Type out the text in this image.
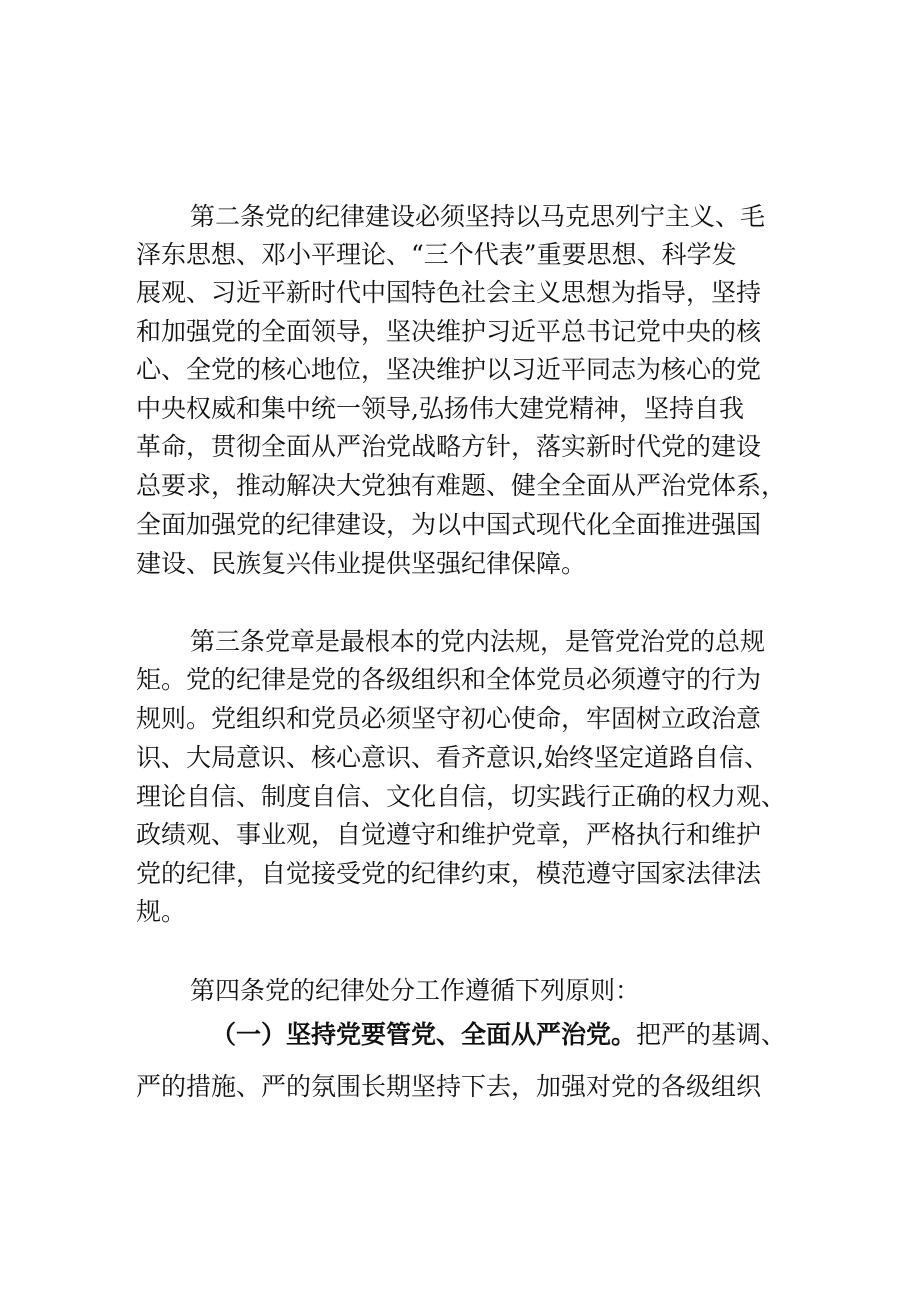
第二条党的纪律建设必须坚持以马克思列宁主义、毛
泽东思想、邓小平理论、“三个代表”重要思想、科学发
展观、习近平新时代中国特色社会主义思想为指导，坚持
和加强党的全面领导，坚决维护习近平总书记党中央的核
心、全党的核心地位，坚决维护以习近平同志为核心的党
中央权威和集中统一领导,弘扬伟大建党精神，坚持自我
革命，贯彻全面从严治党战略方针，落实新时代党的建设
总要求，推动解决大党独有难题、健全全面从严治党体系，
全面加强党的纪律建设，为以中国式现代化全面推进强国
建设、民族复兴伟业提供坚强纪律保障。
第三条党章是最根本的党内法规，是管党治党的总规
矩。党的纪律是党的各级组织和全体党员必须遵守的行为
规则。党组织和党员必须坚守初心使命，牢固树立政治意
识、大局意识、核心意识、看齐意识,始终坚定道路自信、
理论自信、制度自信、文化自信，切实践行正确的权力观、
政绩观、事业观，自觉遵守和维护党章，严格执行和维护
党的纪律，自觉接受党的纪律约束，模范遵守国家法律法
规。
第四条党的纪律处分工作遵循下列原则：
（一）坚持党要管党、全面从严治党。把严的基调、
严的措施、严的氛围长期坚持下去，加强对党的各级组织
